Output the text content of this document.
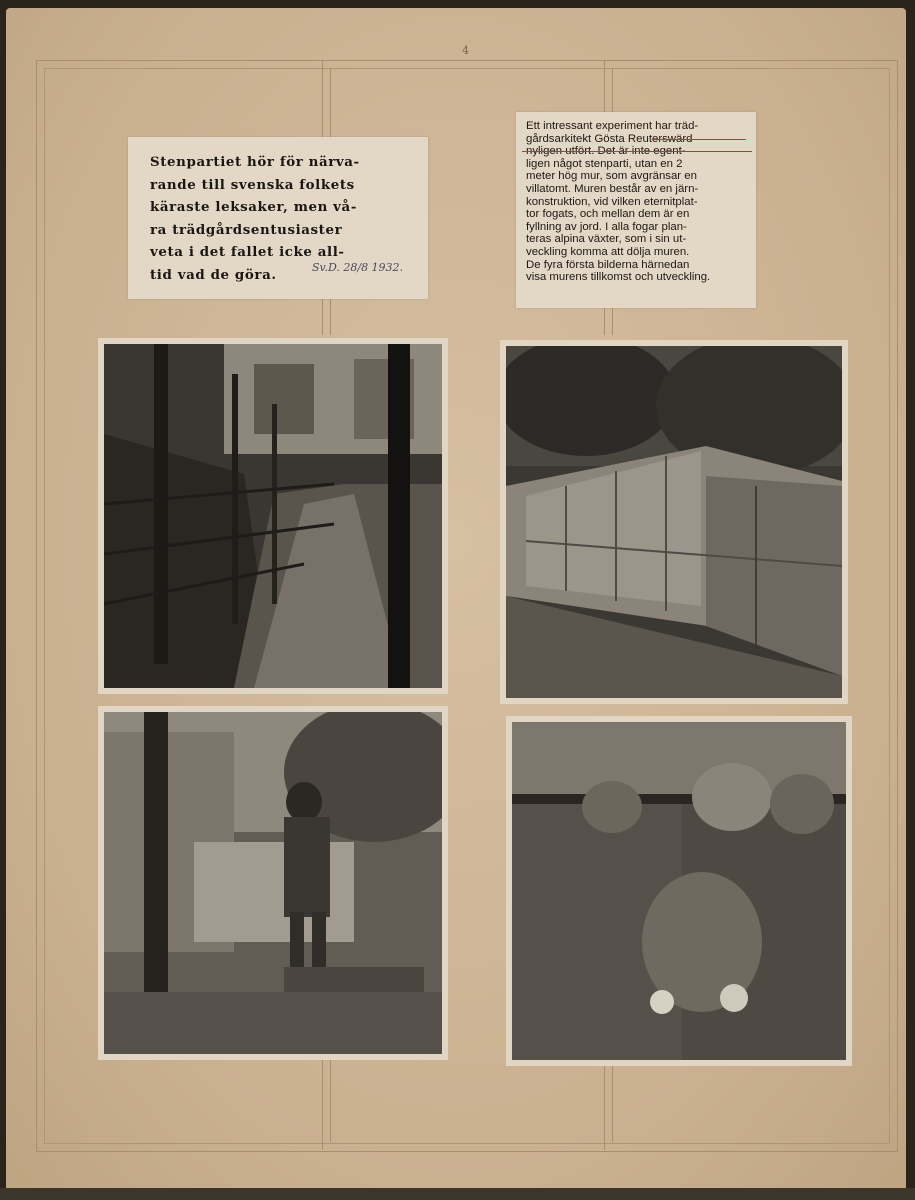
4
Stenpartiet hör för närva-
rande till svenska folkets
käraste leksaker, men vå-
ra trädgårdsentusiaster
veta i det fallet icke all-
tid vad de göra.	Sv.D. 28/8 1932.
Ett intressant experiment har träd-
gårdsarkitekt Gösta Reuterswärd
nyligen utfört. Det är inte egent-
ligen något stenparti, utan en 2
meter hög mur, som avgränsar en
villatomt. Muren består av en järn-
konstruktion, vid vilken eternitplat-
tor fogats, och mellan dem är en
fyllning av jord. I alla fogar plan-
teras alpina växter, som i sin ut-
veckling komma att dölja muren.
De fyra första bilderna härnedan
visa murens tillkomst och utveckling.
